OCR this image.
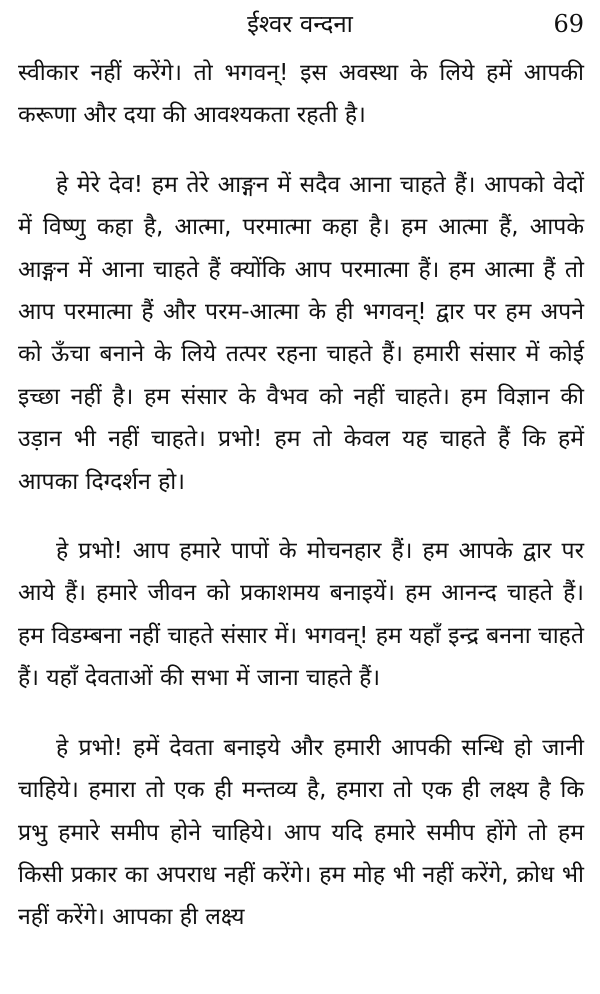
ईश्वर वन्दना	69

स्वीकार नहीं करेंगे। तो भगवन्! इस अवस्था के लिये हमें आपकी करूणा और दया की आवश्यकता रहती है।

हे मेरे देव! हम तेरे आङ्गन में सदैव आना चाहते हैं। आपको वेदों में विष्णु कहा है, आत्मा, परमात्मा कहा है। हम आत्मा हैं, आपके आङ्गन में आना चाहते हैं क्योंकि आप परमात्मा हैं। हम आत्मा हैं तो आप परमात्मा हैं और परम-आत्मा के ही भगवन्! द्वार पर हम अपने को ऊँचा बनाने के लिये तत्पर रहना चाहते हैं। हमारी संसार में कोई इच्छा नहीं है। हम संसार के वैभव को नहीं चाहते। हम विज्ञान की उड़ान भी नहीं चाहते। प्रभो! हम तो केवल यह चाहते हैं कि हमें आपका दिग्दर्शन हो।

हे प्रभो! आप हमारे पापों के मोचनहार हैं। हम आपके द्वार पर आये हैं। हमारे जीवन को प्रकाशमय बनाइयें। हम आनन्द चाहते हैं। हम विडम्बना नहीं चाहते संसार में। भगवन्! हम यहाँ इन्द्र बनना चाहते हैं। यहाँ देवताओं की सभा में जाना चाहते हैं।

हे प्रभो! हमें देवता बनाइये और हमारी आपकी सन्धि हो जानी चाहिये। हमारा तो एक ही मन्तव्य है, हमारा तो एक ही लक्ष्य है कि प्रभु हमारे समीप होने चाहिये। आप यदि हमारे समीप होंगे तो हम किसी प्रकार का अपराध नहीं करेंगे। हम मोह भी नहीं करेंगे, क्रोध भी नहीं करेंगे। आपका ही लक्ष्य
